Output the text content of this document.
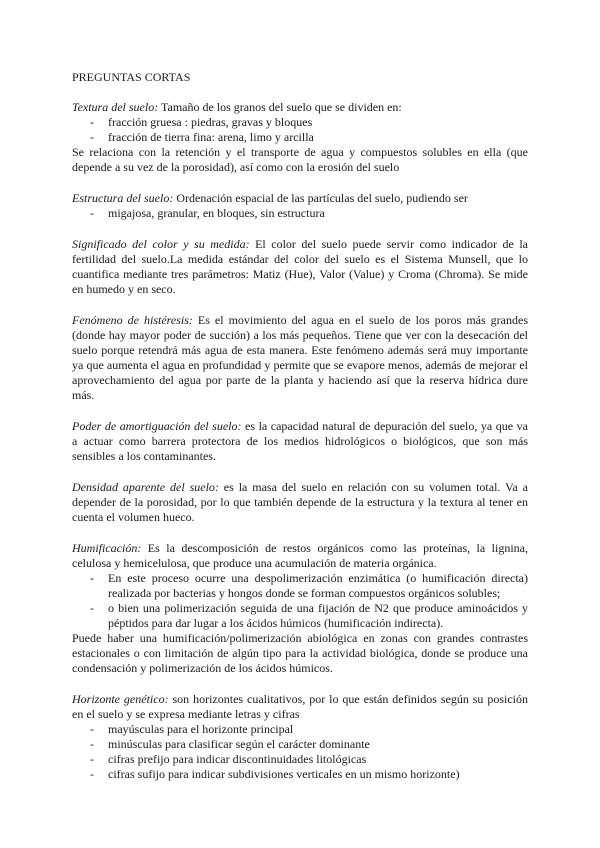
PREGUNTAS CORTAS

Textura del suelo: Tamaño de los granos del suelo que se dividen en:

- fracción gruesa : piedras, gravas y bloques
- fracción de tierra fina: arena, limo y arcilla

Se relaciona con la retención y el transporte de agua y compuestos solubles en ella (que depende a su vez de la porosidad), así como con la erosión del suelo

Estructura del suelo: Ordenación espacial de las partículas del suelo, pudiendo ser

- migajosa, granular, en bloques, sin estructura

Significado del color y su medida: El color del suelo puede servir como indicador de la fertilidad del suelo.La medida estándar del color del suelo es el Sistema Munsell, que lo cuantifica mediante tres parámetros: Matiz (Hue), Valor (Value) y Croma (Chroma). Se mide en humedo y en seco.

Fenómeno de histéresis: Es el movimiento del agua en el suelo de los poros más grandes (donde hay mayor poder de succión) a los más pequeños. Tiene que ver con la desecación del suelo porque retendrá más agua de esta manera. Este fenómeno además será muy importante ya que aumenta el agua en profundidad y permite que se evapore menos, además de mejorar el aprovechamiento del agua por parte de la planta y haciendo así que la reserva hídrica dure más.

Poder de amortiguación del suelo: es la capacidad natural de depuración del suelo, ya que va a actuar como barrera protectora de los medios hidrológicos o biológicos, que son más sensibles a los contaminantes.

Densidad aparente del suelo: es la masa del suelo en relación con su volumen total. Va a depender de la porosidad, por lo que también depende de la estructura y la textura al tener en cuenta el volumen hueco.

Humificación: Es la descomposición de restos orgánicos como las proteínas, la lignina, celulosa y hemicelulosa, que produce una acumulación de materia orgánica.

- En este proceso ocurre una despolimerización enzimática (o humificación directa) realizada por bacterias y hongos donde se forman compuestos orgánicos solubles;
- o bien una polimerización seguida de una fijación de N2 que produce aminoácidos y péptidos para dar lugar a los ácidos húmicos (humificación indirecta).

Puede haber una humificación/polimerización abiológica en zonas con grandes contrastes estacionales o con limitación de algún tipo para la actividad biológica, donde se produce una condensación y polimerización de los ácidos húmicos.

Horizonte genético: son horizontes cualitativos, por lo que están definidos según su posición en el suelo y se expresa mediante letras y cifras

- mayúsculas para el horizonte principal
- minúsculas para clasificar según el carácter dominante
- cifras prefijo para indicar discontinuidades litológicas
- cifras sufijo para indicar subdivisiones verticales en un mismo horizonte)
